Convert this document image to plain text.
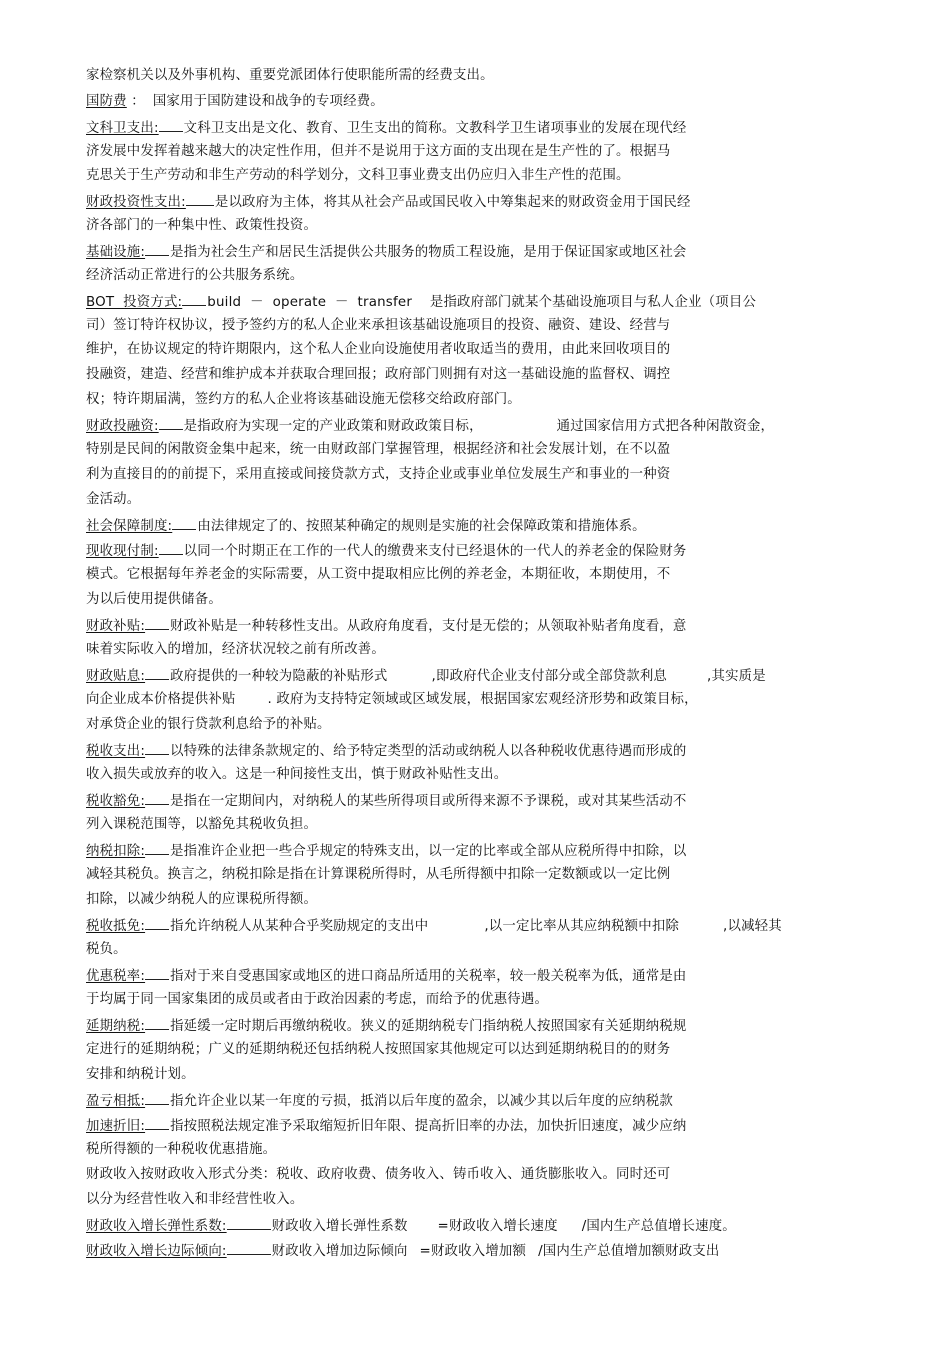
家检察机关以及外事机构、重要党派团体行使职能所需的经费支出。
国防费 ： 国家用于国防建设和战争的专项经费。
文科卫支出: 文科卫支出是文化、教育、卫生支出的简称。文教科学卫生诸项事业的发展在现代经
济发展中发挥着越来越大的决定性作用，但并不是说用于这方面的支出现在是生产性的了。根据马
克思关于生产劳动和非生产劳动的科学划分，文科卫事业费支出仍应归入非生产性的范围。
财政投资性支出: 是以政府为主体，将其从社会产品或国民收入中筹集起来的财政资金用于国民经
济各部门的一种集中性、政策性投资。
基础设施: 是指为社会生产和居民生活提供公共服务的物质工程设施，是用于保证国家或地区社会
经济活动正常进行的公共服务系统。
BOT  投资方式: build  －  operate  －  transfer    是指政府部门就某个基础设施项目与私人企业（项目公
司）签订特许权协议，授予签约方的私人企业来承担该基础设施项目的投资、融资、建设、经营与
维护，在协议规定的特许期限内，这个私人企业向设施使用者收取适当的费用，由此来回收项目的
投融资，建造、经营和维护成本并获取合理回报；政府部门则拥有对这一基础设施的监督权、调控
权；特许期届满，签约方的私人企业将该基础设施无偿移交给政府部门。
财政投融资: 是指政府为实现一定的产业政策和财政政策目标，	通过国家信用方式把各种闲散资金，
特别是民间的闲散资金集中起来，统一由财政部门掌握管理，根据经济和社会发展计划，在不以盈
利为直接目的的前提下，采用直接或间接贷款方式，支持企业或事业单位发展生产和事业的一种资
金活动。
社会保障制度: 由法律规定了的、按照某种确定的规则是实施的社会保障政策和措施体系。
现收现付制: 以同一个时期正在工作的一代人的缴费来支付已经退休的一代人的养老金的保险财务
模式。它根据每年养老金的实际需要，从工资中提取相应比例的养老金，本期征收，本期使用，不
为以后使用提供储备。
财政补贴: 财政补贴是一种转移性支出。从政府角度看，支付是无偿的；从领取补贴者角度看，意
味着实际收入的增加，经济状况较之前有所改善。
财政贴息: 政府提供的一种较为隐蔽的补贴形式	,即政府代企业支付部分或全部贷款利息	,其实质是
向企业成本价格提供补贴 . 政府为支持特定领域或区域发展，根据国家宏观经济形势和政策目标，
对承贷企业的银行贷款利息给予的补贴。
税收支出: 以特殊的法律条款规定的、给予特定类型的活动或纳税人以各种税收优惠待遇而形成的
收入损失或放弃的收入。这是一种间接性支出，慎于财政补贴性支出。
税收豁免: 是指在一定期间内，对纳税人的某些所得项目或所得来源不予课税，或对其某些活动不
列入课税范围等，以豁免其税收负担。
纳税扣除: 是指准许企业把一些合乎规定的特殊支出，以一定的比率或全部从应税所得中扣除，以
减轻其税负。换言之，纳税扣除是指在计算课税所得时，从毛所得额中扣除一定数额或以一定比例
扣除，以减少纳税人的应课税所得额。
税收抵免: 指允许纳税人从某种合乎奖励规定的支出中	,以一定比率从其应纳税额中扣除	,以减轻其
税负。
优惠税率: 指对于来自受惠国家或地区的进口商品所适用的关税率，较一般关税率为低，通常是由
于均属于同一国家集团的成员或者由于政治因素的考虑，而给予的优惠待遇。
延期纳税: 指延缓一定时期后再缴纳税收。狭义的延期纳税专门指纳税人按照国家有关延期纳税规
定进行的延期纳税；广义的延期纳税还包括纳税人按照国家其他规定可以达到延期纳税目的的财务
安排和纳税计划。
盈亏相抵: 指允许企业以某一年度的亏损，抵消以后年度的盈余，以减少其以后年度的应纳税款
加速折旧: 指按照税法规定准予采取缩短折旧年限、提高折旧率的办法，加快折旧速度，减少应纳
税所得额的一种税收优惠措施。
财政收入按财政收入形式分类：税收、政府收费、债务收入、铸币收入、通货膨胀收入。同时还可
以分为经营性收入和非经营性收入。
财政收入增长弹性系数:	财政收入增长弹性系数 =财政收入增长速度 /国内生产总值增长速度。
财政收入增长边际倾向:	财政收入增加边际倾向 =财政收入增加额 /国内生产总值增加额财政支出
